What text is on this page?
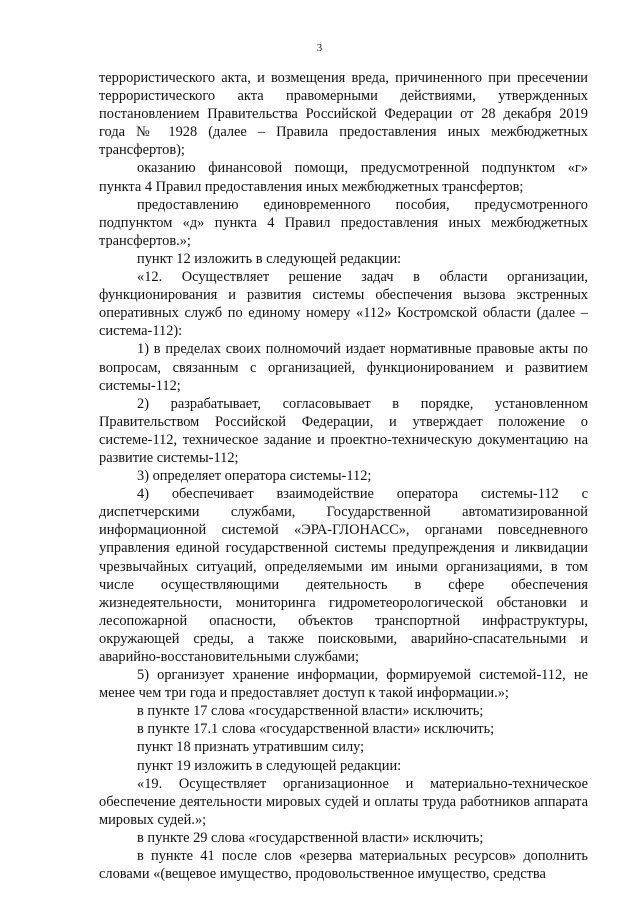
3

террористического акта, и возмещения вреда, причиненного при пресечении террористического акта правомерными действиями, утвержденных постановлением Правительства Российской Федерации от 28 декабря 2019 года № 1928 (далее – Правила предоставления иных межбюджетных трансфертов);

оказанию финансовой помощи, предусмотренной подпунктом «г» пункта 4 Правил предоставления иных межбюджетных трансфертов;

предоставлению единовременного пособия, предусмотренного подпунктом «д» пункта 4 Правил предоставления иных межбюджетных трансфертов.»;

пункт 12 изложить в следующей редакции:

«12. Осуществляет решение задач в области организации, функционирования и развития системы обеспечения вызова экстренных оперативных служб по единому номеру «112» Костромской области (далее – система-112):

1) в пределах своих полномочий издает нормативные правовые акты по вопросам, связанным с организацией, функционированием и развитием системы-112;

2) разрабатывает, согласовывает в порядке, установленном Правительством Российской Федерации, и утверждает положение о системе-112, техническое задание и проектно-техническую документацию на развитие системы-112;

3) определяет оператора системы-112;

4) обеспечивает взаимодействие оператора системы-112 с диспетчерскими службами, Государственной автоматизированной информационной системой «ЭРА-ГЛОНАСС», органами повседневного управления единой государственной системы предупреждения и ликвидации чрезвычайных ситуаций, определяемыми им иными организациями, в том числе осуществляющими деятельность в сфере обеспечения жизнедеятельности, мониторинга гидрометеорологической обстановки и лесопожарной опасности, объектов транспортной инфраструктуры, окружающей среды, а также поисковыми, аварийно-спасательными и аварийно-восстановительными службами;

5) организует хранение информации, формируемой системой-112, не менее чем три года и предоставляет доступ к такой информации.»;

в пункте 17 слова «государственной власти» исключить;

в пункте 17.1 слова «государственной власти» исключить;

пункт 18 признать утратившим силу;

пункт 19 изложить в следующей редакции:

«19. Осуществляет организационное и материально-техническое обеспечение деятельности мировых судей и оплаты труда работников аппарата мировых судей.»;

в пункте 29 слова «государственной власти» исключить;

в пункте 41 после слов «резерва материальных ресурсов» дополнить словами «(вещевое имущество, продовольственное имущество, средства
